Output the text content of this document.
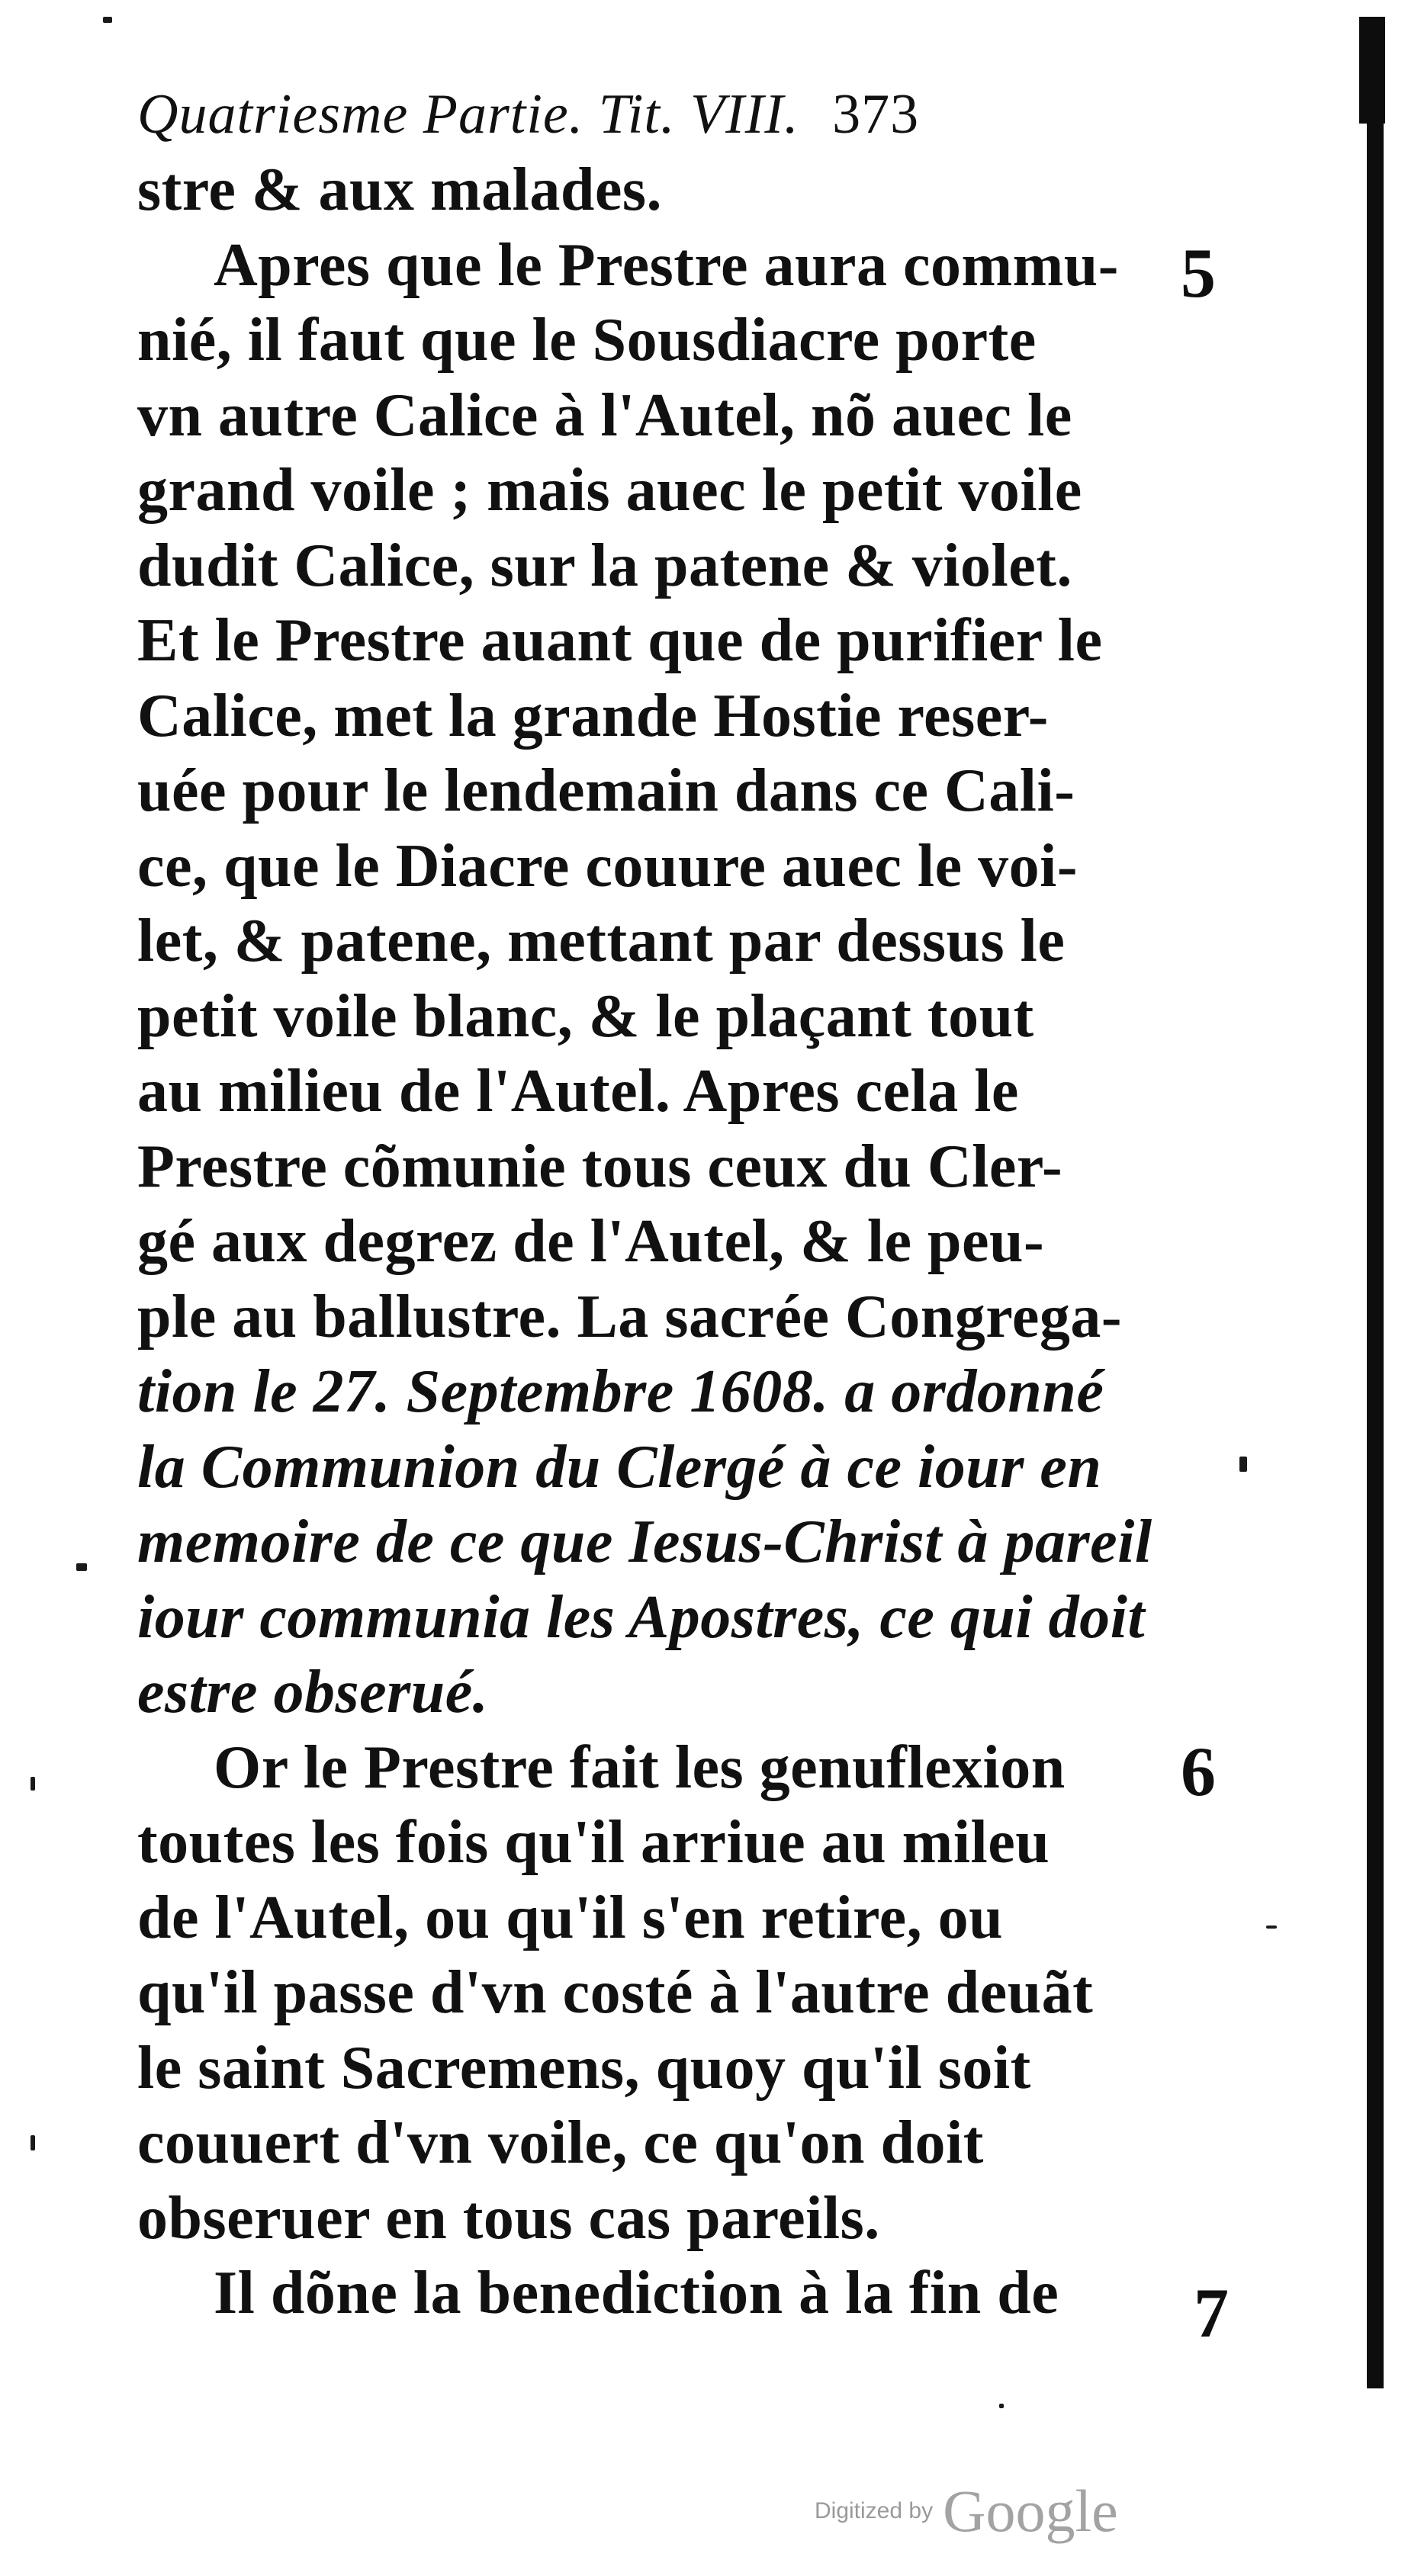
Quatriesme Partie. Tit. VIII. 373
stre & aux malades.
Apres que le Prestre aura commu-
nié, il faut que le Sousdiacre porte
vn autre Calice à l'Autel, nõ auec le
grand voile ; mais auec le petit voile
dudit Calice, sur la patene & violet.
Et le Prestre auant que de purifier le
Calice, met la grande Hostie reser-
uée pour le lendemain dans ce Cali-
ce, que le Diacre couure auec le voi-
let, & patene, mettant par dessus le
petit voile blanc, & le plaçant tout
au milieu de l'Autel. Apres cela le
Prestre cõmunie tous ceux du Cler-
gé aux degrez de l'Autel, & le peu-
ple au ballustre. La sacrée Congrega-
tion le 27. Septembre 1608. a ordonné
la Communion du Clergé à ce iour en
memoire de ce que Iesus-Christ à pareil
iour communia les Apostres, ce qui doit
estre obserué.
Or le Prestre fait les genuflexion
toutes les fois qu'il arriue au mileu
de l'Autel, ou qu'il s'en retire, ou
qu'il passe d'vn costé à l'autre deuãt
le saint Sacremens, quoy qu'il soit
couuert d'vn voile, ce qu'on doit
obseruer en tous cas pareils.
Il dõne la benediction à la fin de
5
6
7
Digitized by Google
